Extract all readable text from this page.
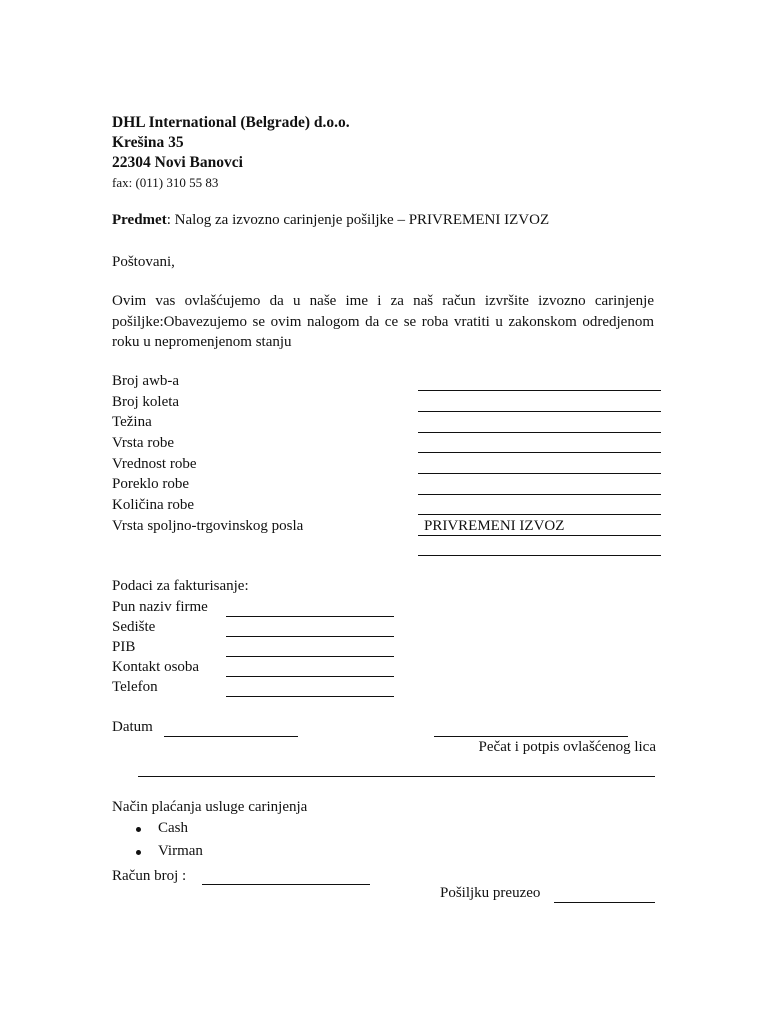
DHL International (Belgrade) d.o.o.
Krešina 35
22304 Novi Banovci
fax: (011) 310 55 83
Predmet: Nalog za izvozno carinjenje pošiljke – PRIVREMENI IZVOZ
Poštovani,
Ovim vas ovlašćujemo da u naše ime i za naš račun izvršite izvozno carinjenje pošiljke:Obavezujemo se ovim nalogom da ce se roba vratiti u zakonskom odredjenom roku u nepromenjenom stanju
Broj awb-a
Broj koleta
Težina
Vrsta robe
Vrednost robe
Poreklo robe
Količina robe
Vrsta spoljno-trgovinskog posla	PRIVREMENI IZVOZ
Podaci za fakturisanje:
Pun naziv firme
Sedište
PIB
Kontakt osoba
Telefon
Datum
Pečat i potpis ovlašćenog lica
Način plaćanja usluge carinjenja
Cash
Virman
Račun broj :
Pošiljku preuzeo
